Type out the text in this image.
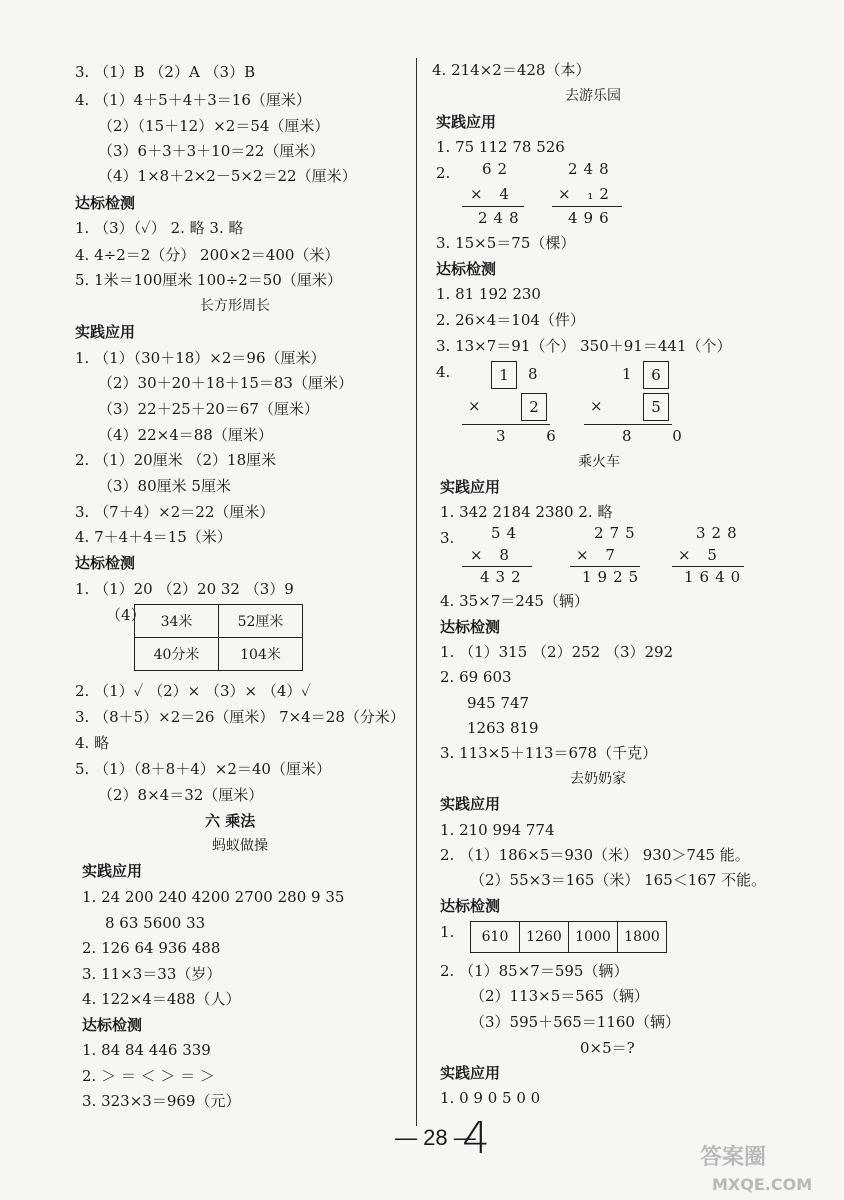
3. （1）B （2）A （3）B
4. （1）4＋5＋4＋3＝16（厘米）
（2）（15＋12）×2＝54（厘米）
（3）6＋3＋3＋10＝22（厘米）
（4）1×8＋2×2－5×2＝22（厘米）
达标检测
1. （3）（✓） 2. 略 3. 略
4. 4÷2＝2（分） 200×2＝400（米）
5. 1米＝100厘米 100÷2＝50（厘米）
长方形周长
实践应用
1. （1）（30＋18）×2＝96（厘米）
（2）30＋20＋18＋15＝83（厘米）
（3）22＋25＋20＝67（厘米）
（4）22×4＝88（厘米）
2. （1）20厘米 （2）18厘米
（3）80厘米 5厘米
3. （7＋4）×2＝22（厘米）
4. 7＋4＋4＝15（米）
达标检测
1. （1）20 （2）20 32 （3）9
（4） 34米	52厘米
40分米	104米
2. （1）✓ （2）× （3）× （4）✓
3. （8＋5）×2＝26（厘米） 7×4＝28（分米）
4. 略
5. （1）（8＋8＋4）×2＝40（厘米）
（2）8×4＝32（厘米）
六 乘法
蚂蚁做操
实践应用
1. 24 200 240 4200 2700 280 9 35
8 63 5600 33
2. 126 64 936 488
3. 11×3＝33（岁）
4. 122×4＝488（人）
达标检测
1. 84 84 446 339
2. ＞ ＝ ＜ ＞ ＝ ＞
3. 323×3＝969（元）
4. 214×2＝428（本）
去游乐园
实践应用
1. 75 112 78 526
2. 62
× 4
248
248
× ₁2
496
3. 15×5＝75（棵）
达标检测
1. 81 192 230
2. 26×4＝104（件）
3. 13×7＝91（个） 350＋91＝441（个）
4.	1	8
×	2
3 6
1	6
×	5
8 0
乘火车
实践应用
1. 342 2184 2380 2. 略
3. 54
× 8
432
275
× 7
1925
328
× 5
1640
4. 35×7＝245（辆）
达标检测
1. （1）315 （2）252 （3）292
2. 69 603
945 747
1263 819
3. 113×5＋113＝678（千克）
去奶奶家
实践应用
1. 210 994 774
2. （1）186×5＝930（米） 930＞745 能。
（2）55×3＝165（米） 165＜167 不能。
达标检测
1. 610	1260	1000	1800
2. （1）85×7＝595（辆）
（2）113×5＝565（辆）
（3）595＋565＝1160（辆）
0×5＝?
实践应用
1. 0 9 0 5 0 0
— 28 —
4	答案圈
MXQE.COM
